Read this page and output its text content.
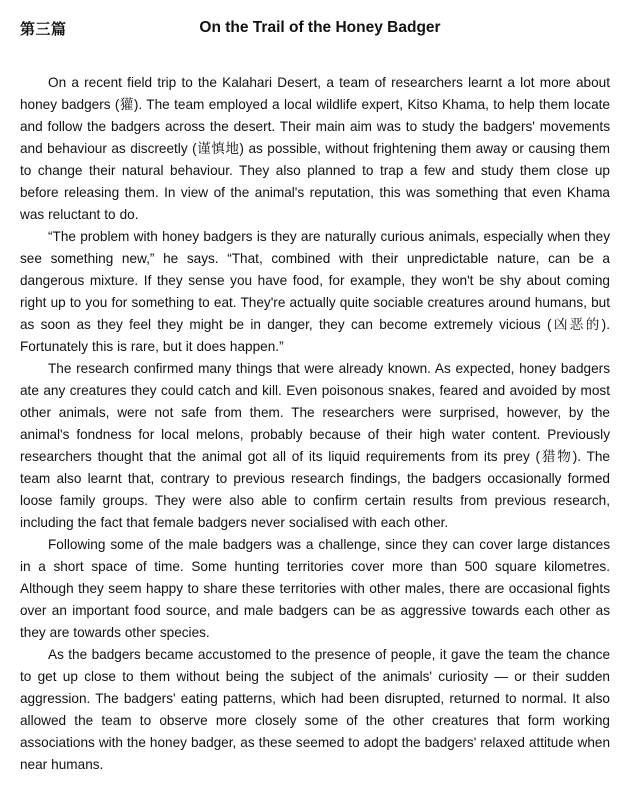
第三篇	On the Trail of the Honey Badger

On a recent field trip to the Kalahari Desert, a team of researchers learnt a lot more about honey badgers (獾). The team employed a local wildlife expert, Kitso Khama, to help them locate and follow the badgers across the desert. Their main aim was to study the badgers' movements and behaviour as discreetly (谨慎地) as possible, without frightening them away or causing them to change their natural behaviour. They also planned to trap a few and study them close up before releasing them. In view of the animal's reputation, this was something that even Khama was reluctant to do.

“The problem with honey badgers is they are naturally curious animals, especially when they see something new,” he says. “That, combined with their unpredictable nature, can be a dangerous mixture. If they sense you have food, for example, they won't be shy about coming right up to you for something to eat. They're actually quite sociable creatures around humans, but as soon as they feel they might be in danger, they can become extremely vicious (凶恶的). Fortunately this is rare, but it does happen.”

The research confirmed many things that were already known. As expected, honey badgers ate any creatures they could catch and kill. Even poisonous snakes, feared and avoided by most other animals, were not safe from them. The researchers were surprised, however, by the animal's fondness for local melons, probably because of their high water content. Previously researchers thought that the animal got all of its liquid requirements from its prey (猎物). The team also learnt that, contrary to previous research findings, the badgers occasionally formed loose family groups. They were also able to confirm certain results from previous research, including the fact that female badgers never socialised with each other.

Following some of the male badgers was a challenge, since they can cover large distances in a short space of time. Some hunting territories cover more than 500 square kilometres. Although they seem happy to share these territories with other males, there are occasional fights over an important food source, and male badgers can be as aggressive towards each other as they are towards other species.

As the badgers became accustomed to the presence of people, it gave the team the chance to get up close to them without being the subject of the animals' curiosity — or their sudden aggression. The badgers' eating patterns, which had been disrupted, returned to normal. It also allowed the team to observe more closely some of the other creatures that form working associations with the honey badger, as these seemed to adopt the badgers' relaxed attitude when near humans.
